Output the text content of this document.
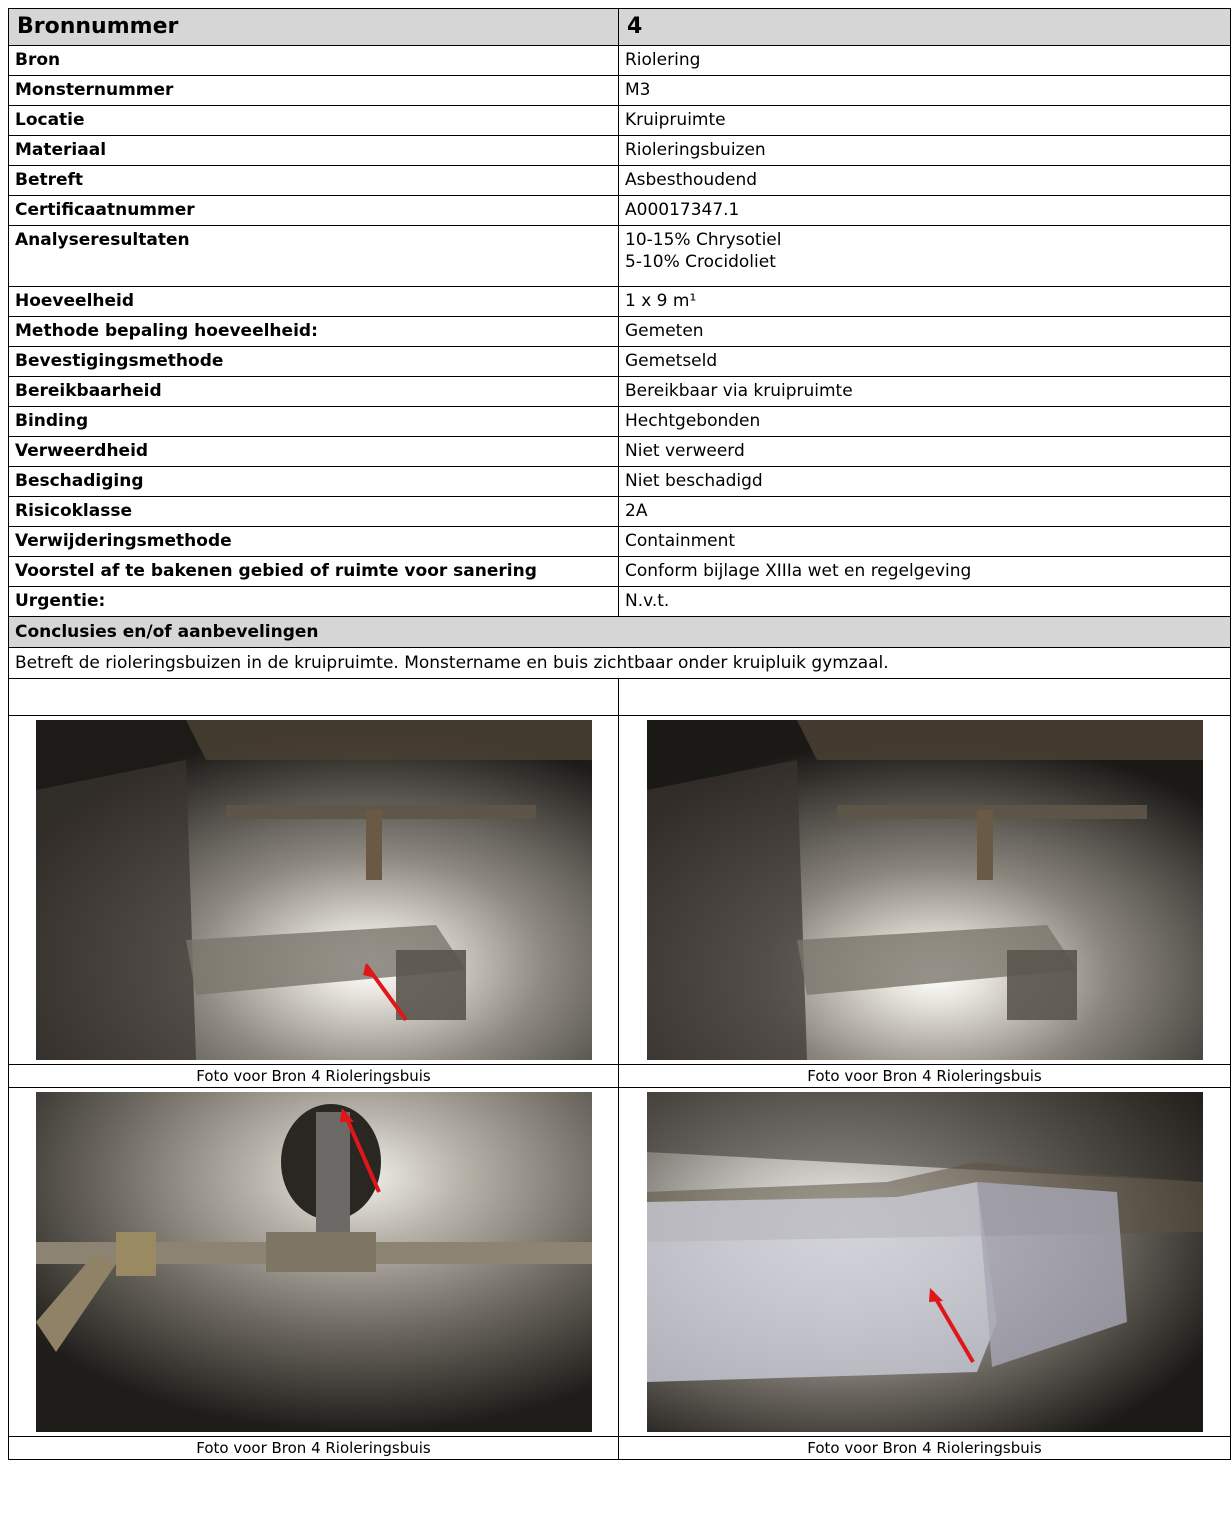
Bronnummer	4
Bron	Riolering
Monsternummer	M3
Locatie	Kruipruimte
Materiaal	Rioleringsbuizen
Betreft	Asbesthoudend
Certificaatnummer	A00017347.1
Analyseresultaten	10-15% Chrysotiel
5-10% Crocidoliet

Hoeveelheid	1 x 9 m¹
Methode bepaling hoeveelheid:	Gemeten
Bevestigingsmethode	Gemetseld
Bereikbaarheid	Bereikbaar via kruipruimte
Binding	Hechtgebonden
Verweerdheid	Niet verweerd
Beschadiging	Niet beschadigd
Risicoklasse	2A
Verwijderingsmethode	Containment
Voorstel af te bakenen gebied of ruimte voor sanering	Conform bijlage XIIIa wet en regelgeving
Urgentie:	N.v.t.
Conclusies en/of aanbevelingen	
Betreft de rioleringsbuizen in de kruipruimte. Monstername en buis zichtbaar onder kruipluik gymzaal.	

Foto voor Bron 4 Rioleringsbuis	Foto voor Bron 4 Rioleringsbuis

Foto voor Bron 4 Rioleringsbuis	Foto voor Bron 4 Rioleringsbuis
